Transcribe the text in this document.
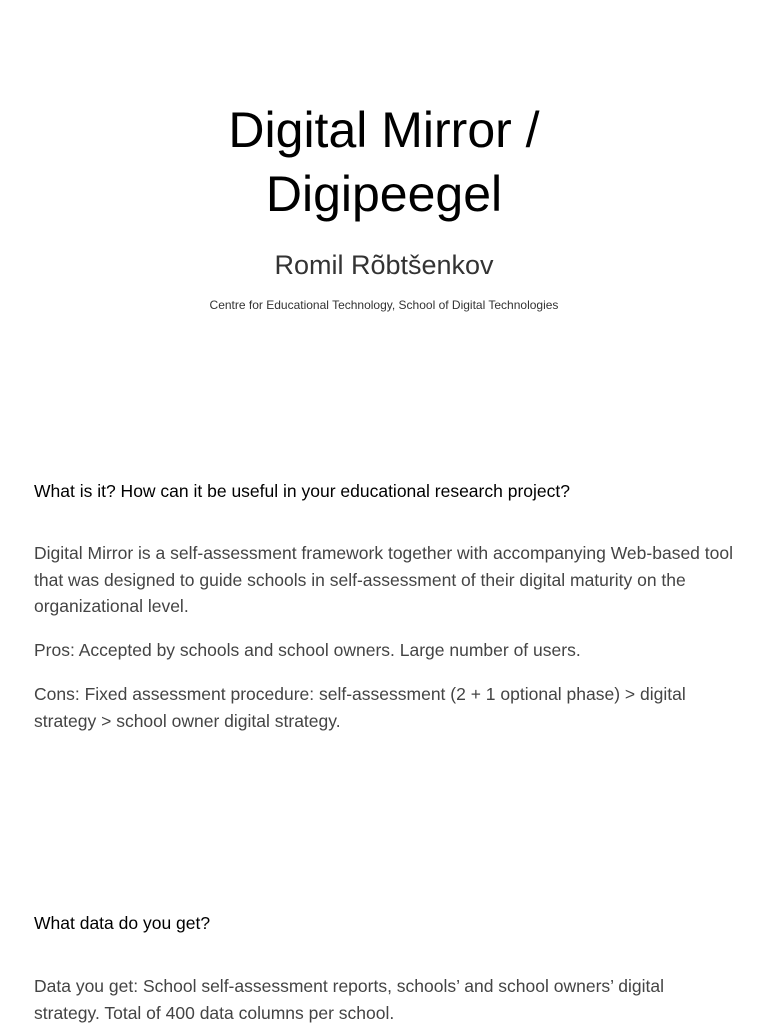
Digital Mirror /
Digipeegel
Romil Rõbtšenkov
Centre for Educational Technology, School of Digital Technologies
What is it? How can it be useful in your educational research project?
Digital Mirror is a self-assessment framework together with accompanying Web-based tool that was designed to guide schools in self-assessment of their digital maturity on the organizational level.
Pros: Accepted by schools and school owners. Large number of users.
Cons: Fixed assessment procedure: self-assessment (2 + 1 optional phase) > digital strategy > school owner digital strategy.
What data do you get?
Data you get: School self-assessment reports, schools’ and school owners’ digital strategy. Total of 400 data columns per school.
